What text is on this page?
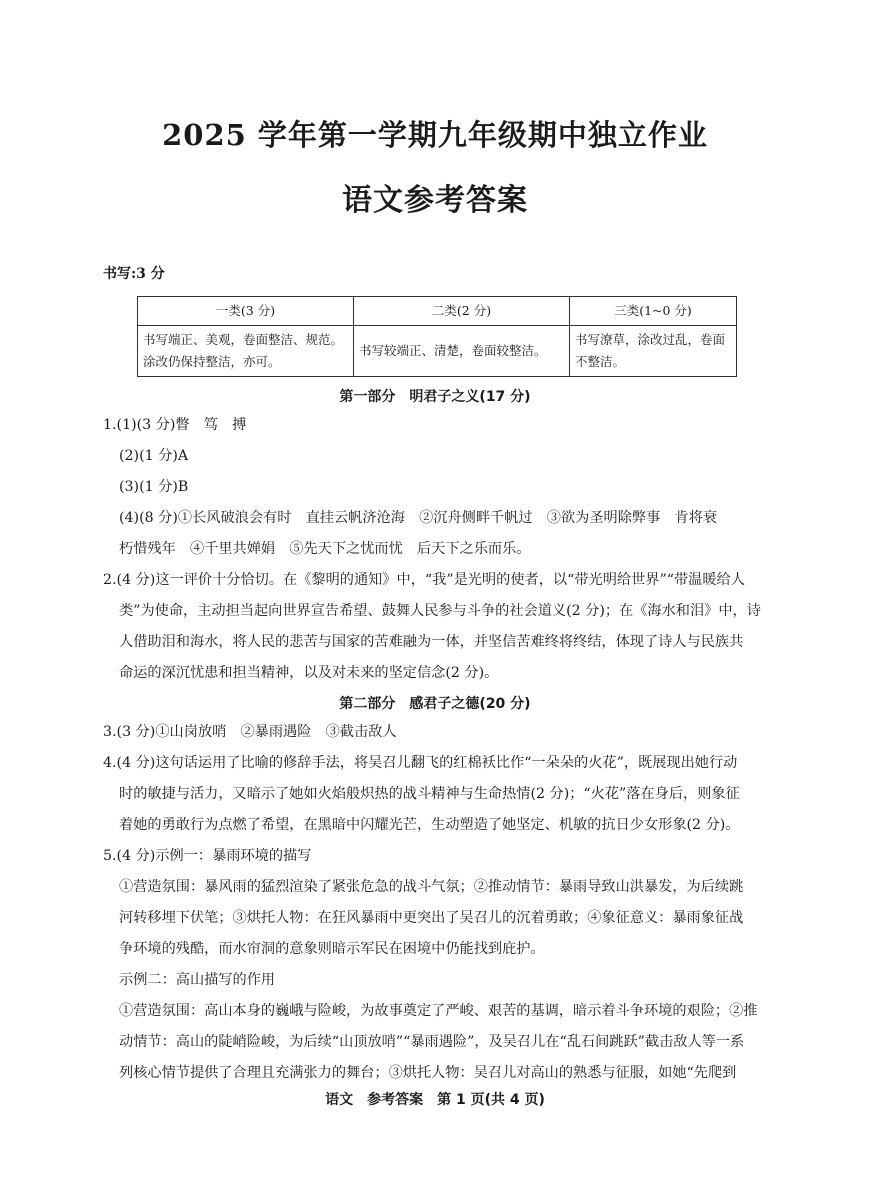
2025 学年第一学期九年级期中独立作业
语文参考答案
书写:3 分
一类(3 分)	二类(2 分)	三类(1~0 分)
书写端正、美观，卷面整洁、规范。涂改仍保持整洁，亦可。	书写较端正、清楚，卷面较整洁。	书写潦草，涂改过乱，卷面不整洁。
第一部分　明君子之义(17 分)
1.(1)(3 分)瞥　笃　搏
(2)(1 分)A
(3)(1 分)B
(4)(8 分)①长风破浪会有时　直挂云帆济沧海　②沉舟侧畔千帆过　③欲为圣明除弊事　肯将衰
朽惜残年　④千里共婵娟　⑤先天下之忧而忧　后天下之乐而乐。
2.(4 分)这一评价十分恰切。在《黎明的通知》中，“我”是光明的使者，以“带光明给世界”“带温暖给人
类”为使命，主动担当起向世界宣告希望、鼓舞人民参与斗争的社会道义(2 分)；在《海水和泪》中，诗
人借助泪和海水，将人民的悲苦与国家的苦难融为一体，并坚信苦难终将终结，体现了诗人与民族共
命运的深沉忧患和担当精神，以及对未来的坚定信念(2 分)。
第二部分　感君子之德(20 分)
3.(3 分)①山岗放哨　②暴雨遇险　③截击敌人
4.(4 分)这句话运用了比喻的修辞手法，将吴召儿翻飞的红棉袄比作“一朵朵的火花”，既展现出她行动
时的敏捷与活力，又暗示了她如火焰般炽热的战斗精神与生命热情(2 分)；“火花”落在身后，则象征
着她的勇敢行为点燃了希望，在黑暗中闪耀光芒，生动塑造了她坚定、机敏的抗日少女形象(2 分)。
5.(4 分)示例一：暴雨环境的描写
①营造氛围：暴风雨的猛烈渲染了紧张危急的战斗气氛；②推动情节：暴雨导致山洪暴发，为后续跳
河转移埋下伏笔；③烘托人物：在狂风暴雨中更突出了吴召儿的沉着勇敢；④象征意义：暴雨象征战
争环境的残酷，而水帘洞的意象则暗示军民在困境中仍能找到庇护。
示例二：高山描写的作用
①营造氛围：高山本身的巍峨与险峻，为故事奠定了严峻、艰苦的基调，暗示着斗争环境的艰险；②推
动情节：高山的陡峭险峻，为后续“山顶放哨”“暴雨遇险”，及吴召儿在“乱石间跳跃”截击敌人等一系
列核心情节提供了合理且充满张力的舞台；③烘托人物：吴召儿对高山的熟悉与征服，如她“先爬到
语文　参考答案　第 1 页(共 4 页)
